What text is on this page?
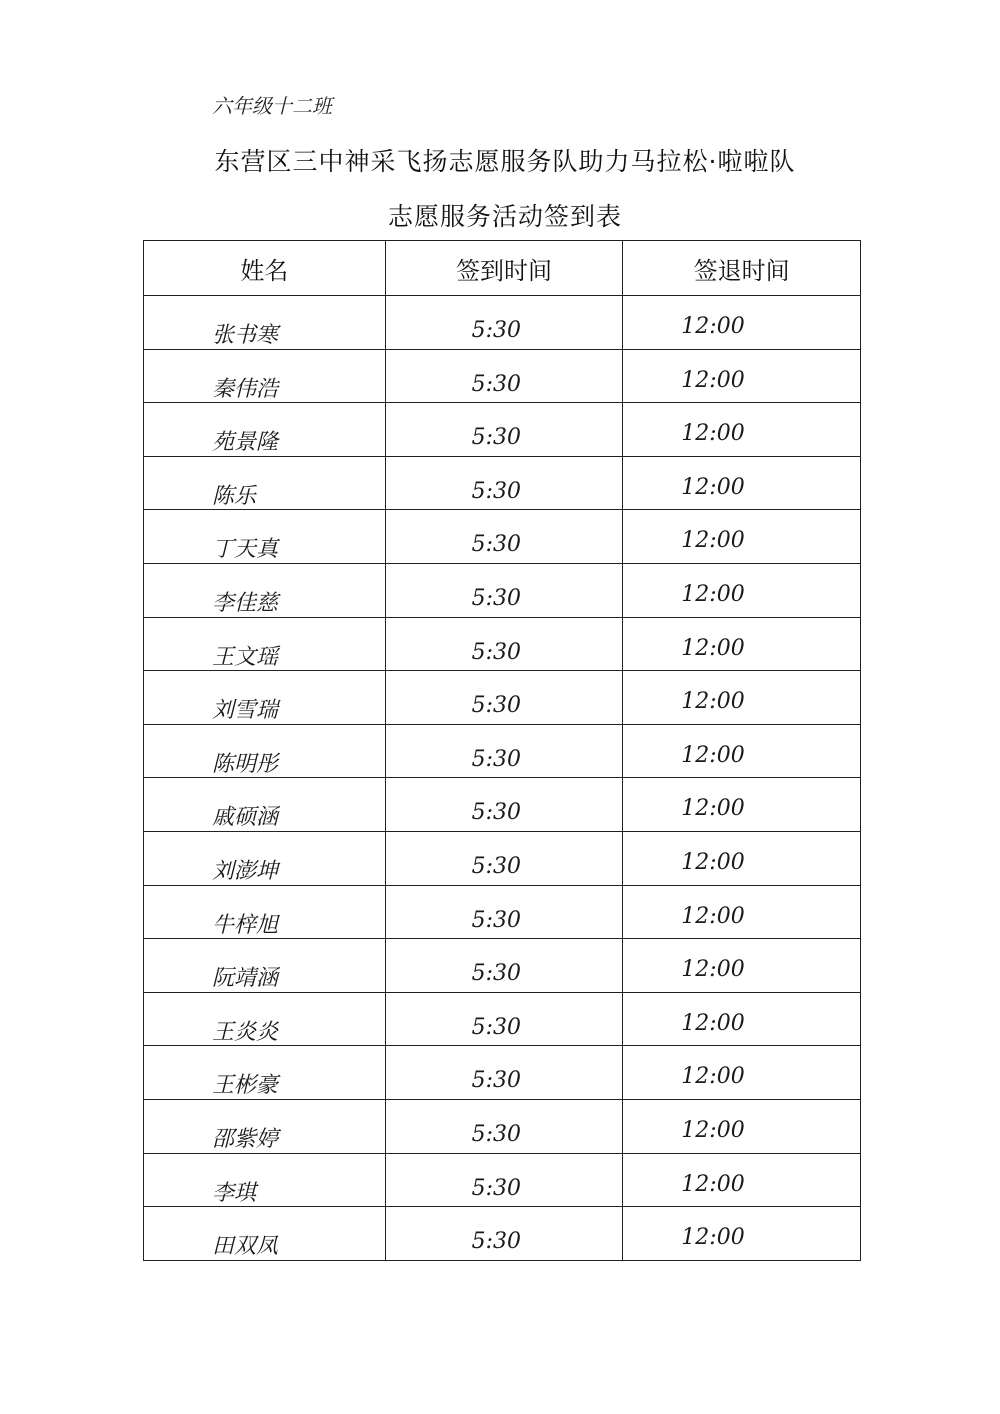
六年级十二班
东营区三中神采飞扬志愿服务队助力马拉松·啦啦队
志愿服务活动签到表
姓名	签到时间	签退时间

张书寒	5:30	12:00

秦伟浩	5:30	12:00

苑景隆	5:30	12:00

陈乐	5:30	12:00

丁天真	5:30	12:00

李佳慈	5:30	12:00

王文瑶	5:30	12:00

刘雪瑞	5:30	12:00

陈明彤	5:30	12:00

戚硕涵	5:30	12:00

刘澎坤	5:30	12:00

牛梓旭	5:30	12:00

阮靖涵	5:30	12:00

王炎炎	5:30	12:00

王彬豪	5:30	12:00

邵紫婷	5:30	12:00

李琪	5:30	12:00

田双凤	5:30	12:00
